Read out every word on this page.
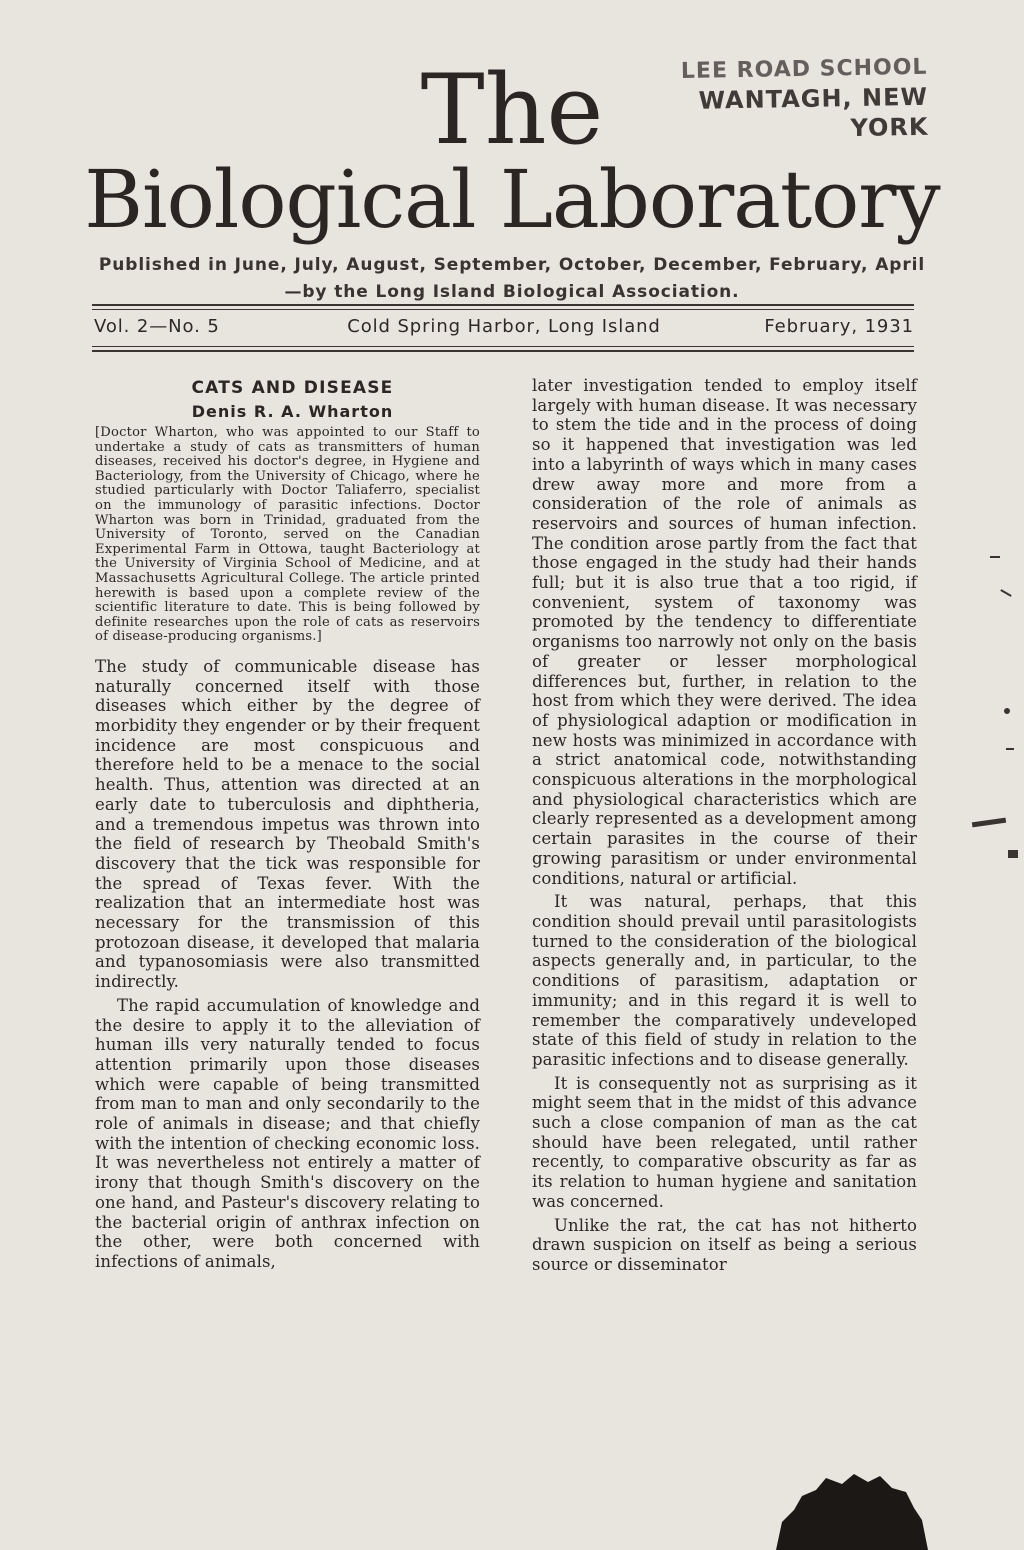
LEE ROAD SCHOOL
WANTAGH, NEW YORK
The
Biological Laboratory
Published in June, July, August, September, October, December, February, April—by the Long Island Biological Association.
Vol. 2—No. 5	Cold Spring Harbor, Long Island	February, 1931
CATS AND DISEASE
Denis R. A. Wharton

[Doctor Wharton, who was appointed to our Staff to undertake a study of cats as transmitters of human diseases, received his doctor's degree, in Hygiene and Bacteriology, from the University of Chicago, where he studied particularly with Doctor Taliaferro, specialist on the immunology of parasitic infections. Doctor Wharton was born in Trinidad, graduated from the University of Toronto, served on the Canadian Experimental Farm in Ottowa, taught Bacteriology at the University of Virginia School of Medicine, and at Massachusetts Agricultural College. The article printed herewith is based upon a complete review of the scientific literature to date. This is being followed by definite researches upon the role of cats as reservoirs of disease-producing organisms.]

The study of communicable disease has naturally concerned itself with those diseases which either by the degree of morbidity they engender or by their frequent incidence are most conspicuous and therefore held to be a menace to the social health. Thus, attention was directed at an early date to tuberculosis and diphtheria, and a tremendous impetus was thrown into the field of research by Theobald Smith's discovery that the tick was responsible for the spread of Texas fever. With the realization that an intermediate host was necessary for the transmission of this protozoan disease, it developed that malaria and typanosomiasis were also transmitted indirectly.

The rapid accumulation of knowledge and the desire to apply it to the alleviation of human ills very naturally tended to focus attention primarily upon those diseases which were capable of being transmitted from man to man and only secondarily to the role of animals in disease; and that chiefly with the intention of checking economic loss. It was nevertheless not entirely a matter of irony that though Smith's discovery on the one hand, and Pasteur's discovery relating to the bacterial origin of anthrax infection on the other, were both concerned with infections of animals,

later investigation tended to employ itself largely with human disease. It was necessary to stem the tide and in the process of doing so it happened that investigation was led into a labyrinth of ways which in many cases drew away more and more from a consideration of the role of animals as reservoirs and sources of human infection. The condition arose partly from the fact that those engaged in the study had their hands full; but it is also true that a too rigid, if convenient, system of taxonomy was promoted by the tendency to differentiate organisms too narrowly not only on the basis of greater or lesser morphological differences but, further, in relation to the host from which they were derived. The idea of physiological adaption or modification in new hosts was minimized in accordance with a strict anatomical code, notwithstanding conspicuous alterations in the morphological and physiological characteristics which are clearly represented as a development among certain parasites in the course of their growing parasitism or under environmental conditions, natural or artificial.

It was natural, perhaps, that this condition should prevail until parasitologists turned to the consideration of the biological aspects generally and, in particular, to the conditions of parasitism, adaptation or immunity; and in this regard it is well to remember the comparatively undeveloped state of this field of study in relation to the parasitic infections and to disease generally.

It is consequently not as surprising as it might seem that in the midst of this advance such a close companion of man as the cat should have been relegated, until rather recently, to comparative obscurity as far as its relation to human hygiene and sanitation was concerned.

Unlike the rat, the cat has not hitherto drawn suspicion on itself as being a serious source or disseminator
